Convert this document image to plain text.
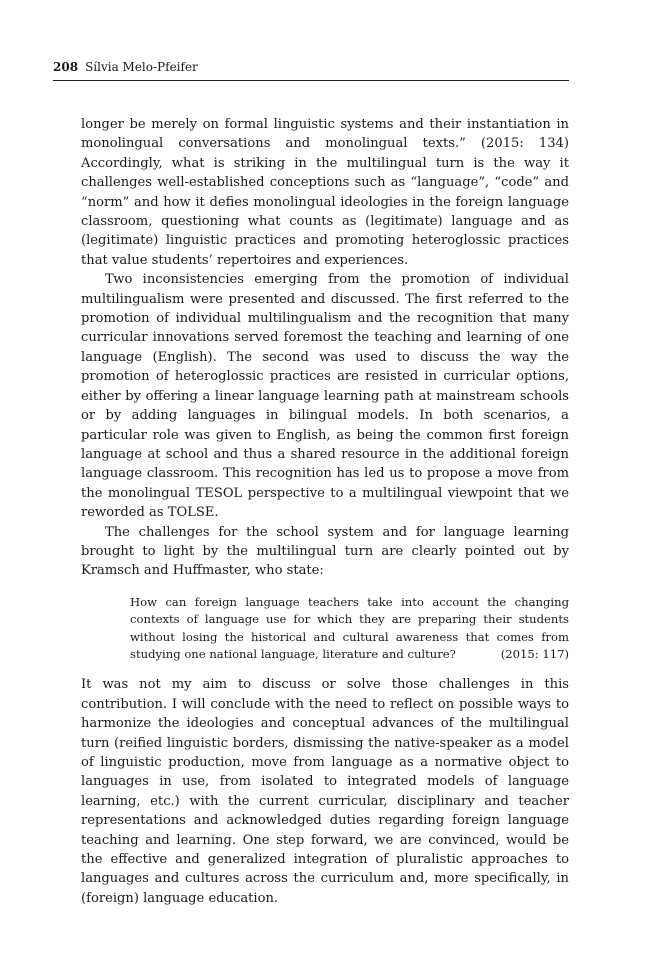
208 Sílvia Melo-Pfeifer

longer be merely on formal linguistic systems and their instantiation in monolingual conversations and monolingual texts.” (2015: 134) Accordingly, what is striking in the multilingual turn is the way it challenges well-established conceptions such as “language”, “code” and “norm” and how it defies monolingual ideologies in the foreign language classroom, questioning what counts as (legitimate) language and as (legitimate) linguistic practices and promoting heteroglossic practices that value students’ repertoires and experiences.

Two inconsistencies emerging from the promotion of individual multilingualism were presented and discussed. The first referred to the promotion of individual multilingualism and the recognition that many curricular innovations served foremost the teaching and learning of one language (English). The second was used to discuss the way the promotion of heteroglossic practices are resisted in curricular options, either by offering a linear language learning path at mainstream schools or by adding languages in bilingual models. In both scenarios, a particular role was given to English, as being the common first foreign language at school and thus a shared resource in the additional foreign language classroom. This recognition has led us to propose a move from the monolingual TESOL perspective to a multilingual viewpoint that we reworded as TOLSE.

The challenges for the school system and for language learning brought to light by the multilingual turn are clearly pointed out by Kramsch and Huffmaster, who state:

How can foreign language teachers take into account the changing contexts of language use for which they are preparing their students without losing the historical and cultural awareness that comes from studying one national language, literature and culture?	(2015: 117)

It was not my aim to discuss or solve those challenges in this contribution. I will conclude with the need to reflect on possible ways to harmonize the ideologies and conceptual advances of the multilingual turn (reified linguistic borders, dismissing the native-speaker as a model of linguistic production, move from language as a normative object to languages in use, from isolated to integrated models of language learning, etc.) with the current curricular, disciplinary and teacher representations and acknowledged duties regarding foreign language teaching and learning. One step forward, we are convinced, would be the effective and generalized integration of pluralistic approaches to languages and cultures across the curriculum and, more specifically, in (foreign) language education.
